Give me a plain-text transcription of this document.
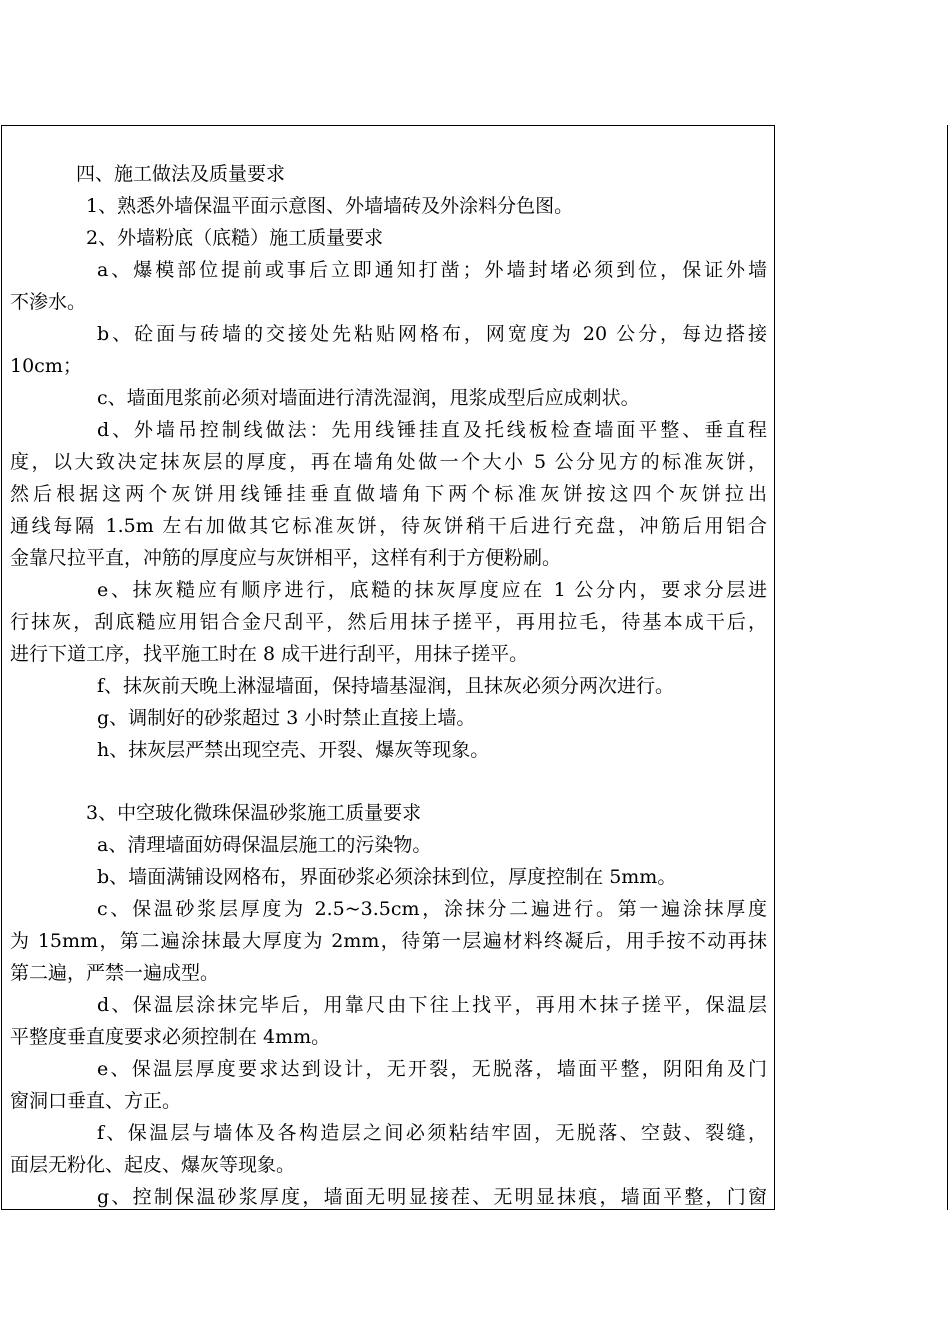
四、施工做法及质量要求
1、熟悉外墙保温平面示意图、外墙墙砖及外涂料分色图。
2、外墙粉底（底糙）施工质量要求
a、爆模部位提前或事后立即通知打凿；外墙封堵必须到位，保证外墙
不渗水。
b、砼面与砖墙的交接处先粘贴网格布，网宽度为 20 公分，每边搭接
10cm；
c、墙面甩浆前必须对墙面进行清洗湿润，甩浆成型后应成刺状。
d、外墙吊控制线做法：先用线锤挂直及托线板检查墙面平整、垂直程
度，以大致决定抹灰层的厚度，再在墙角处做一个大小 5 公分见方的标准灰饼，
然后根据这两个灰饼用线锤挂垂直做墙角下两个标准灰饼按这四个灰饼拉出
通线每隔 1.5m 左右加做其它标准灰饼，待灰饼稍干后进行充盘，冲筋后用铝合
金靠尺拉平直，冲筋的厚度应与灰饼相平，这样有利于方便粉刷。
e、抹灰糙应有顺序进行，底糙的抹灰厚度应在 1 公分内，要求分层进
行抹灰，刮底糙应用铝合金尺刮平，然后用抹子搓平，再用拉毛，待基本成干后，
进行下道工序，找平施工时在 8 成干进行刮平，用抹子搓平。
f、抹灰前天晚上淋湿墙面，保持墙基湿润，且抹灰必须分两次进行。
g、调制好的砂浆超过 3 小时禁止直接上墙。
h、抹灰层严禁出现空壳、开裂、爆灰等现象。
3、中空玻化微珠保温砂浆施工质量要求
a、清理墙面妨碍保温层施工的污染物。
b、墙面满铺设网格布，界面砂浆必须涂抹到位，厚度控制在 5mm。
c、保温砂浆层厚度为 2.5~3.5cm，涂抹分二遍进行。第一遍涂抹厚度
为 15mm，第二遍涂抹最大厚度为 2mm，待第一层遍材料终凝后，用手按不动再抹
第二遍，严禁一遍成型。
d、保温层涂抹完毕后，用靠尺由下往上找平，再用木抹子搓平，保温层
平整度垂直度要求必须控制在 4mm。
e、保温层厚度要求达到设计，无开裂，无脱落，墙面平整，阴阳角及门
窗洞口垂直、方正。
f、保温层与墙体及各构造层之间必须粘结牢固，无脱落、空鼓、裂缝，
面层无粉化、起皮、爆灰等现象。
g、控制保温砂浆厚度，墙面无明显接茬、无明显抹痕，墙面平整，门窗
